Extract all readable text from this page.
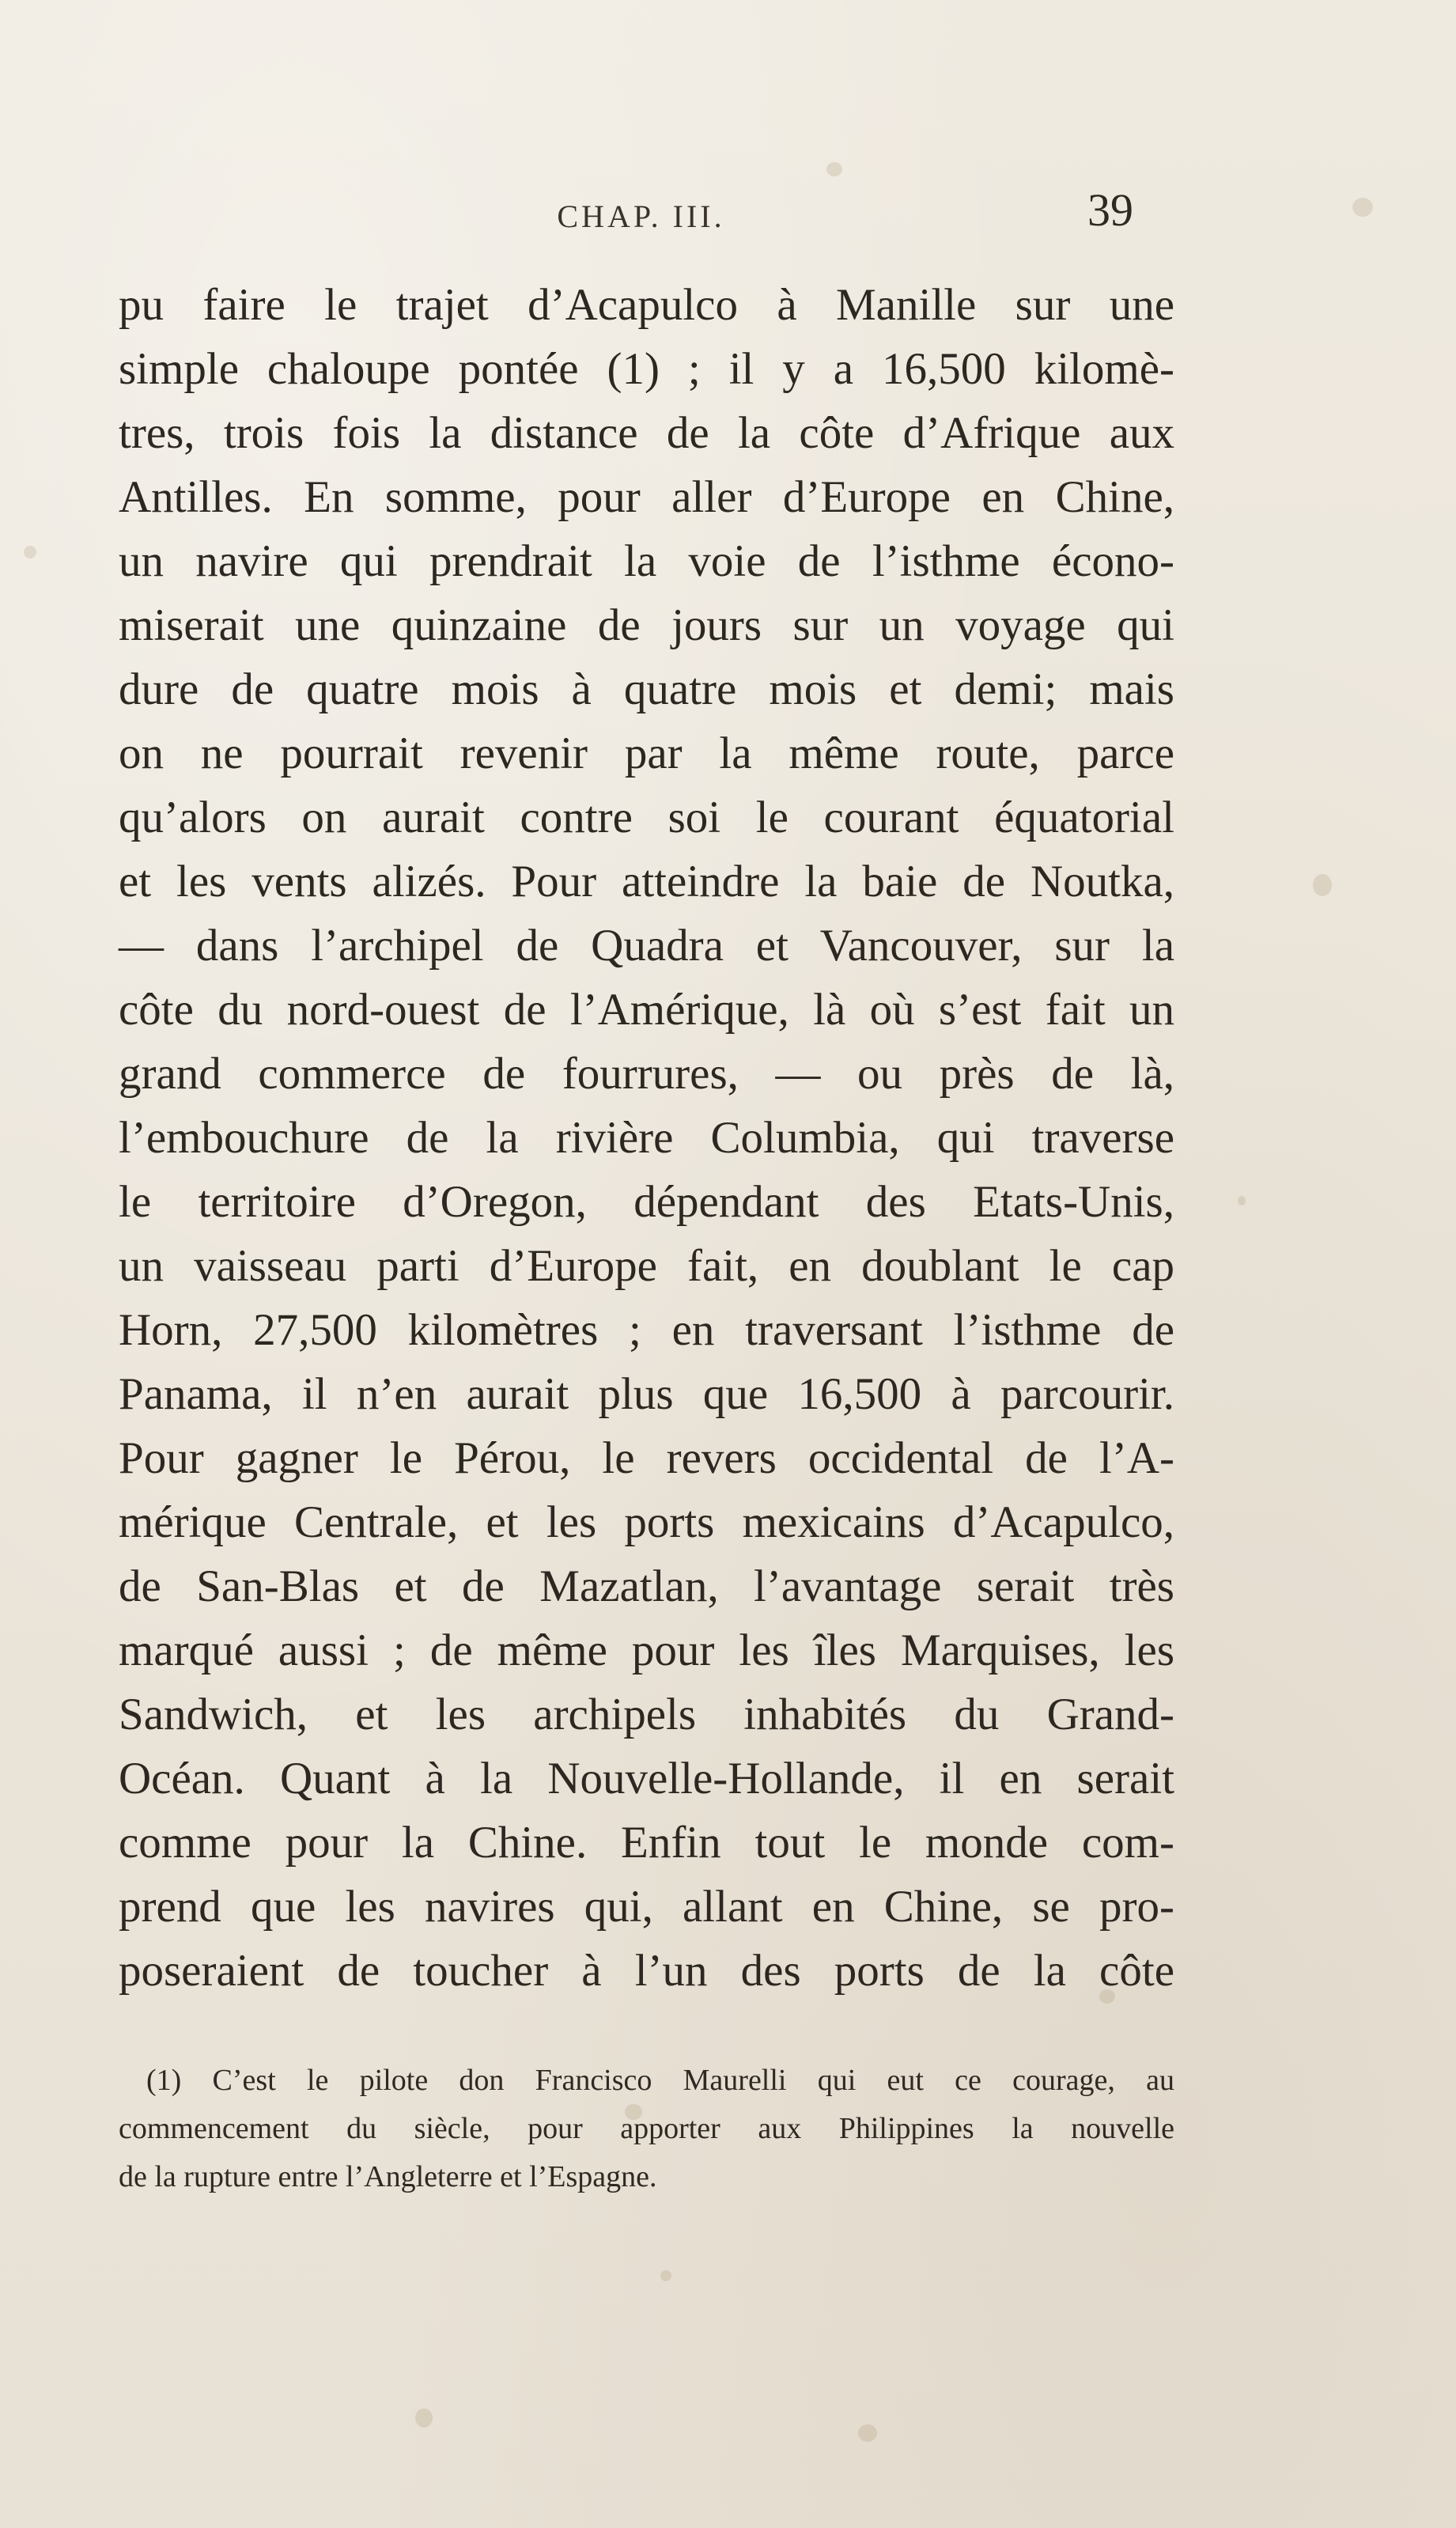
CHAP. III.	39
pu faire le trajet d’Acapulco à Manille sur une
simple chaloupe pontée (1) ; il y a 16,500 kilomè-
tres, trois fois la distance de la côte d’Afrique aux
Antilles. En somme, pour aller d’Europe en Chine,
un navire qui prendrait la voie de l’isthme écono-
miserait une quinzaine de jours sur un voyage qui
dure de quatre mois à quatre mois et demi; mais
on ne pourrait revenir par la même route, parce
qu’alors on aurait contre soi le courant équatorial
et les vents alizés. Pour atteindre la baie de Noutka,
— dans l’archipel de Quadra et Vancouver, sur la
côte du nord-ouest de l’Amérique, là où s’est fait un
grand commerce de fourrures, — ou près de là,
l’embouchure de la rivière Columbia, qui traverse
le territoire d’Oregon, dépendant des Etats-Unis,
un vaisseau parti d’Europe fait, en doublant le cap
Horn, 27,500 kilomètres ; en traversant l’isthme de
Panama, il n’en aurait plus que 16,500 à parcourir.
Pour gagner le Pérou, le revers occidental de l’A-
mérique Centrale, et les ports mexicains d’Acapulco,
de San-Blas et de Mazatlan, l’avantage serait très
marqué aussi ; de même pour les îles Marquises, les
Sandwich, et les archipels inhabités du Grand-
Océan. Quant à la Nouvelle-Hollande, il en serait
comme pour la Chine. Enfin tout le monde com-
prend que les navires qui, allant en Chine, se pro-
poseraient de toucher à l’un des ports de la côte
(1) C’est le pilote don Francisco Maurelli qui eut ce courage, au
commencement du siècle, pour apporter aux Philippines la nouvelle
de la rupture entre l’Angleterre et l’Espagne.
